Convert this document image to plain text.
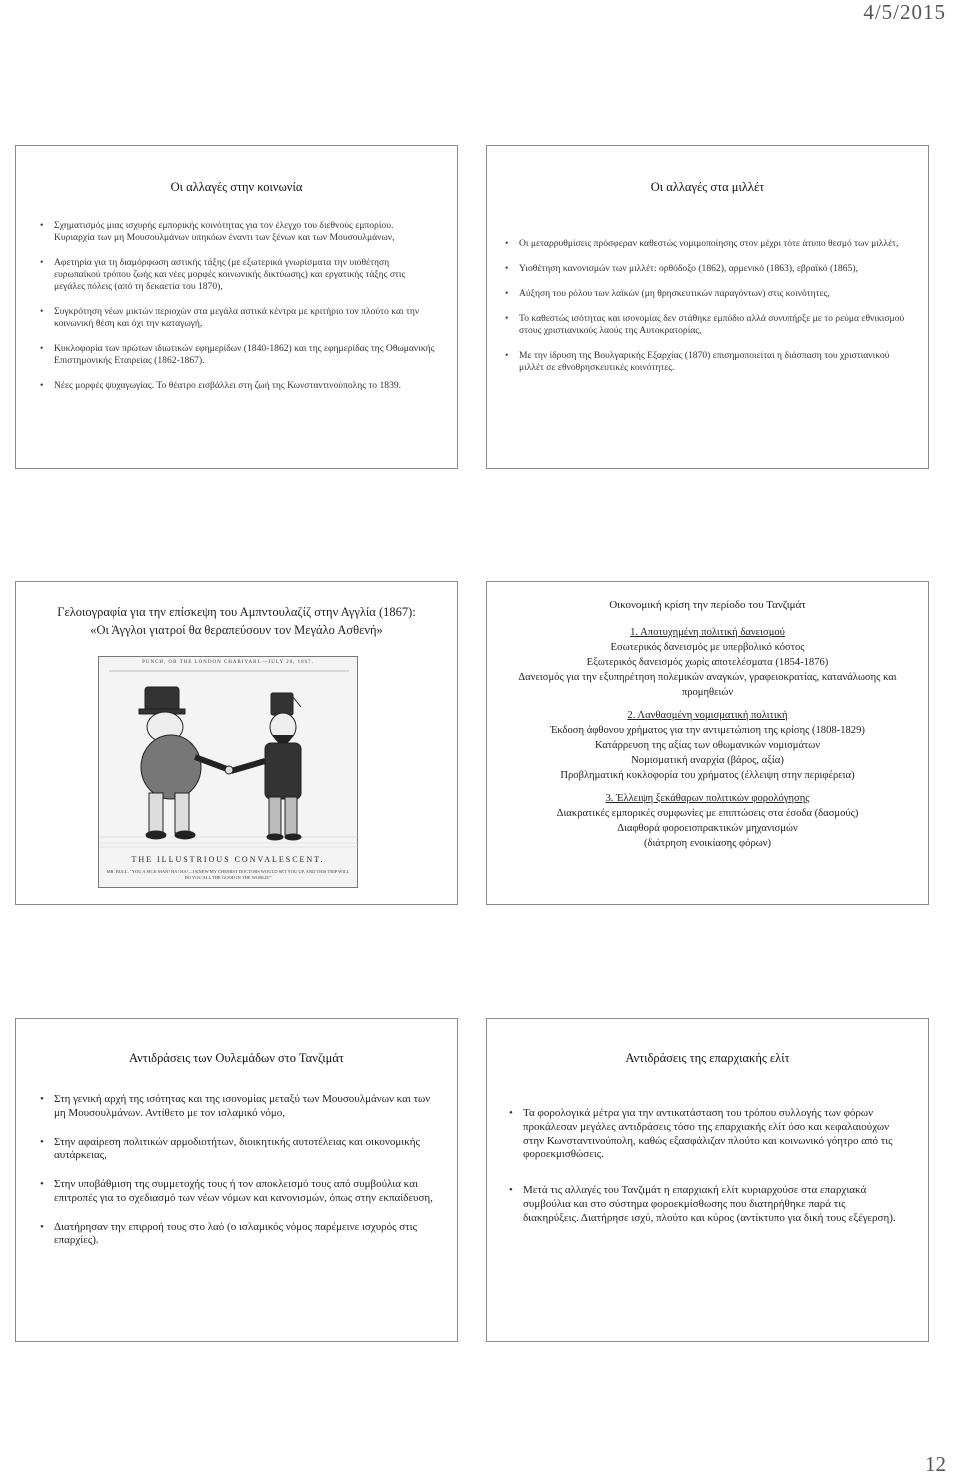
4/5/2015
Οι αλλαγές στην κοινωνία
• Σχηματισμός μιας ισχυρής εμπορικής κοινότητας για τον έλεγχο του διεθνούς εμπορίου. Κυριαρχία των μη Μουσουλμάνων υπηκόων έναντι των ξένων και των Μουσουλμάνων,
• Αφετηρία για τη διαμόρφωση αστικής τάξης (με εξωτερικά γνωρίσματα την υιοθέτηση ευρωπαϊκού τρόπου ζωής και νέες μορφές κοινωνικής δικτύωσης) και εργατικής τάξης στις μεγάλες πόλεις (από τη δεκαετία του 1870),
• Συγκρότηση νέων μικτών περιοχών στα μεγάλα αστικά κέντρα με κριτήριο τον πλούτο και την κοινωνική θέση και όχι την καταγωγή,
• Κυκλοφορία των πρώτων ιδιωτικών εφημερίδων (1840-1862) και της εφημερίδας της Οθωμανικής Επιστημονικής Εταιρείας (1862-1867).
• Νέες μορφές ψυχαγωγίας. Το θέατρο εισβάλλει στη ζωή της Κωνσταντινούπολης το 1839.
Οι αλλαγές στα μιλλέτ
• Οι μεταρρυθμίσεις πρόσφεραν καθεστώς νομιμοποίησης στον μέχρι τότε άτυπο θεσμό των μιλλέτ,
• Υιοθέτηση κανονισμών των μιλλέτ: ορθόδοξο (1862), αρμενικό (1863), εβραϊκό (1865),
• Αύξηση του ρόλου των λαϊκών (μη θρησκευτικών παραγόντων) στις κοινότητες,
• Το καθεστώς ισότητας και ισονομίας δεν στάθηκε εμπόδιο αλλά συνυπήρξε με το ρεύμα εθνικισμού στους χριστιανικούς λαούς της Αυτοκρατορίας,
• Με την ίδρυση της Βουλγαρικής Εξαρχίας (1870) επισημοποιείται η διάσπαση του χριστιανικού μιλλέτ σε εθνοθρησκευτικές κοινότητες.
Γελοιογραφία για την επίσκεψη του Αμπντουλαζίζ στην Αγγλία (1867):
«Οι Άγγλοι γιατροί θα θεραπεύσουν τον Μεγάλο Ασθενή»
PUNCH, OR THE LONDON CHARIVARI.—JULY 20, 1867.
THE ILLUSTRIOUS CONVALESCENT.
MR. BULL. "YOU A SICK MAN! HA! HA!—I KNEW MY CHEMIST DOCTORS WOULD SET YOU UP, AND THIS TRIP WILL DO YOU ALL THE GOOD IN THE WORLD!"

Οικονομική κρίση την περίοδο του Τανζιμάτ

1. Αποτυχημένη πολιτική δανεισμού

Εσωτερικός δανεισμός με υπερβολικό κόστος

Εξωτερικός δανεισμός χωρίς αποτελέσματα (1854-1876)

Δανεισμός για την εξυπηρέτηση πολεμικών αναγκών, γραφειοκρατίας, κατανάλωσης και προμηθειών

2. Λανθασμένη νομισματική πολιτική

Έκδοση άφθονου χρήματος για την αντιμετώπιση της κρίσης (1808-1829)

Κατάρρευση της αξίας των οθωμανικών νομισμάτων

Νομισματική αναρχία (βάρος, αξία)

Προβληματική κυκλοφορία του χρήματος (έλλειψη στην περιφέρεια)

3. Έλλειψη ξεκάθαρων πολιτικών φορολόγησης

Διακρατικές εμπορικές συμφωνίες με επιπτώσεις στα έσοδα (δασμούς)

Διαφθορά φοροεισπρακτικών μηχανισμών

(διάτρηση ενοικίασης φόρων)

Αντιδράσεις των Ουλεμάδων στο Τανζιμάτ
• Στη γενική αρχή της ισότητας και της ισονομίας μεταξύ των Μουσουλμάνων και των μη Μουσουλμάνων. Αντίθετο με τον ισλαμικό νόμο,
• Στην αφαίρεση πολιτικών αρμοδιοτήτων, διοικητικής αυτοτέλειας και οικονομικής αυτάρκειας,
• Στην υποβάθμιση της συμμετοχής τους ή τον αποκλεισμό τους από συμβούλια και επιτροπές για το σχεδιασμό των νέων νόμων και κανονισμών, όπως στην εκπαίδευση,
• Διατήρησαν την επιρροή τους στο λαό (ο ισλαμικός νόμος παρέμεινε ισχυρός στις επαρχίες).
Αντιδράσεις της επαρχιακής ελίτ
• Τα φορολογικά μέτρα για την αντικατάσταση του τρόπου συλλογής των φόρων προκάλεσαν μεγάλες αντιδράσεις τόσο της επαρχιακής ελίτ όσο και κεφαλαιούχων στην Κωνσταντινούπολη, καθώς εξασφάλιζαν πλούτο και κοινωνικό γόητρο από τις φοροεκμισθώσεις.
• Μετά τις αλλαγές του Τανζιμάτ η επαρχιακή ελίτ κυριαρχούσε στα επαρχιακά συμβούλια και στο σύστημα φοροεκμίσθωσης που διατηρήθηκε παρά τις διακηρύξεις. Διατήρησε ισχύ, πλούτο και κύρος (αντίκτυπο για δική τους εξέγερση).
12
